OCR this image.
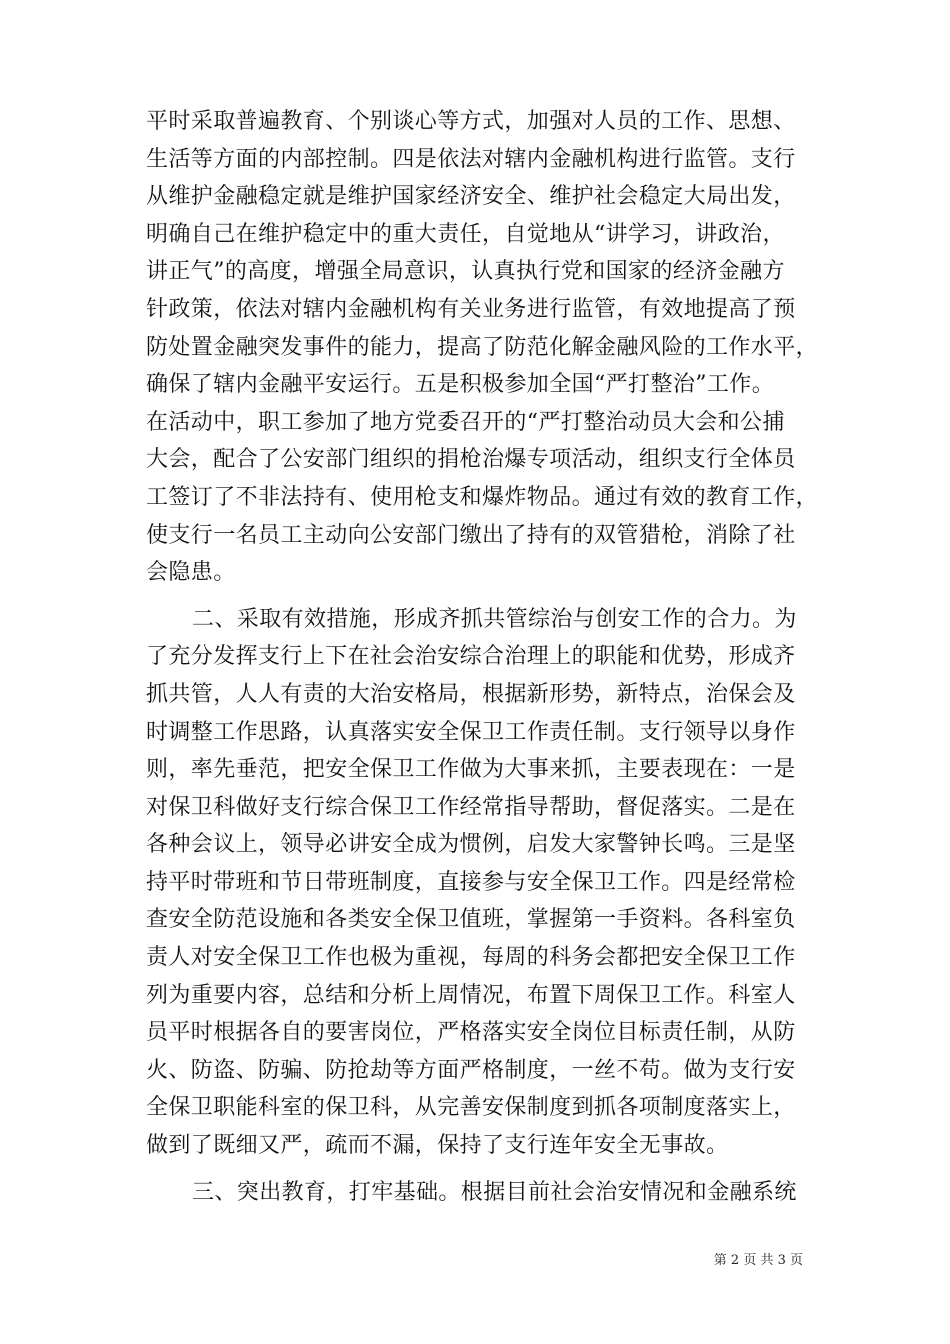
平时采取普遍教育、个别谈心等方式，加强对人员的工作、思想、
生活等方面的内部控制。四是依法对辖内金融机构进行监管。支行
从维护金融稳定就是维护国家经济安全、维护社会稳定大局出发，
明确自己在维护稳定中的重大责任，自觉地从“讲学习，讲政治，
讲正气”的高度，增强全局意识，认真执行党和国家的经济金融方
针政策，依法对辖内金融机构有关业务进行监管，有效地提高了预
防处置金融突发事件的能力，提高了防范化解金融风险的工作水平，
确保了辖内金融平安运行。五是积极参加全国“严打整治”工作。
在活动中，职工参加了地方党委召开的“严打整治动员大会和公捕
大会，配合了公安部门组织的捐枪治爆专项活动，组织支行全体员
工签订了不非法持有、使用枪支和爆炸物品。通过有效的教育工作，
使支行一名员工主动向公安部门缴出了持有的双管猎枪，消除了社
会隐患。
二、采取有效措施，形成齐抓共管综治与创安工作的合力。为
了充分发挥支行上下在社会治安综合治理上的职能和优势，形成齐
抓共管，人人有责的大治安格局，根据新形势，新特点，治保会及
时调整工作思路，认真落实安全保卫工作责任制。支行领导以身作
则，率先垂范，把安全保卫工作做为大事来抓，主要表现在：一是
对保卫科做好支行综合保卫工作经常指导帮助，督促落实。二是在
各种会议上，领导必讲安全成为惯例，启发大家警钟长鸣。三是坚
持平时带班和节日带班制度，直接参与安全保卫工作。四是经常检
查安全防范设施和各类安全保卫值班，掌握第一手资料。各科室负
责人对安全保卫工作也极为重视，每周的科务会都把安全保卫工作
列为重要内容，总结和分析上周情况，布置下周保卫工作。科室人
员平时根据各自的要害岗位，严格落实安全岗位目标责任制，从防
火、防盗、防骗、防抢劫等方面严格制度，一丝不苟。做为支行安
全保卫职能科室的保卫科，从完善安保制度到抓各项制度落实上，
做到了既细又严，疏而不漏，保持了支行连年安全无事故。
三、突出教育，打牢基础。根据目前社会治安情况和金融系统
第 2 页 共 3 页
